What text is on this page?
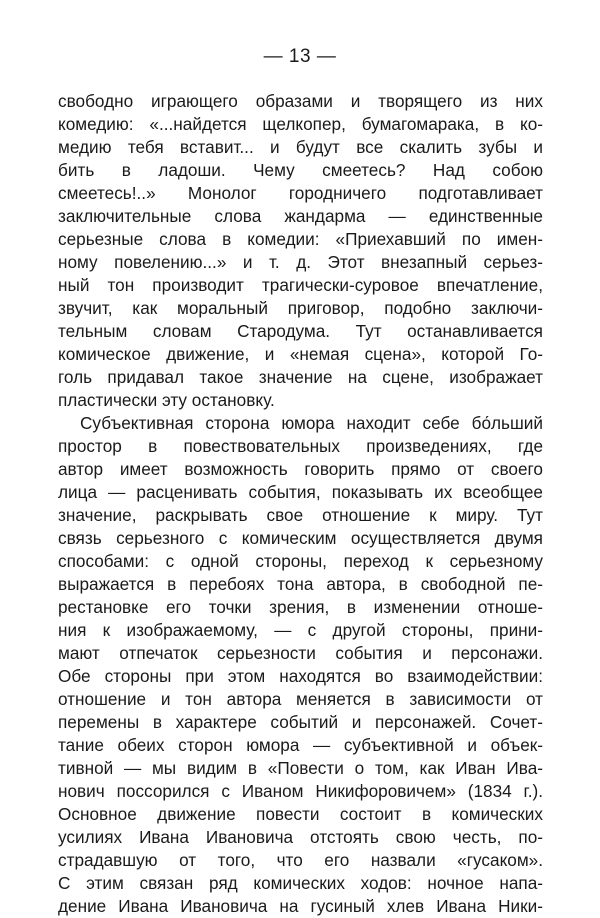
— 13 —
свободно играющего образами и творящего из них
комедию: «...найдется щелкопер, бумагомарака, в ко-
медию тебя вставит... и будут все скалить зубы и
бить в ладоши. Чему смеетесь? Над собою
смеетесь!..» Монолог городничего подготавливает
заключительные слова жандарма — единственные
серьезные слова в комедии: «Приехавший по имен-
ному повелению...» и т. д. Этот внезапный серьез-
ный тон производит трагически-суровое впечатление,
звучит, как моральный приговор, подобно заключи-
тельным словам Стародума. Тут останавливается
комическое движение, и «немая сцена», которой Го-
голь придавал такое значение на сцене, изображает
пластически эту остановку.
Субъективная сторона юмора находит себе бо́льший
простор в повествовательных произведениях, где
автор имеет возможность говорить прямо от своего
лица — расценивать события, показывать их всеобщее
значение, раскрывать свое отношение к миру. Тут
связь серьезного с комическим осуществляется двумя
способами: с одной стороны, переход к серьезному
выражается в перебоях тона автора, в свободной пе-
рестановке его точки зрения, в изменении отноше-
ния к изображаемому, — с другой стороны, прини-
мают отпечаток серьезности события и персонажи.
Обе стороны при этом находятся во взаимодействии:
отношение и тон автора меняется в зависимости от
перемены в характере событий и персонажей. Сочет-
тание обеих сторон юмора — субъективной и объек-
тивной — мы видим в «Повести о том, как Иван Ива-
нович поссорился с Иваном Никифоровичем» (1834 г.).
Основное движение повести состоит в комических
усилиях Ивана Ивановича отстоять свою честь, по-
страдавшую от того, что его назвали «гусаком».
С этим связан ряд комических ходов: ночное напа-
дение Ивана Ивановича на гусиный хлев Ивана Ники-
